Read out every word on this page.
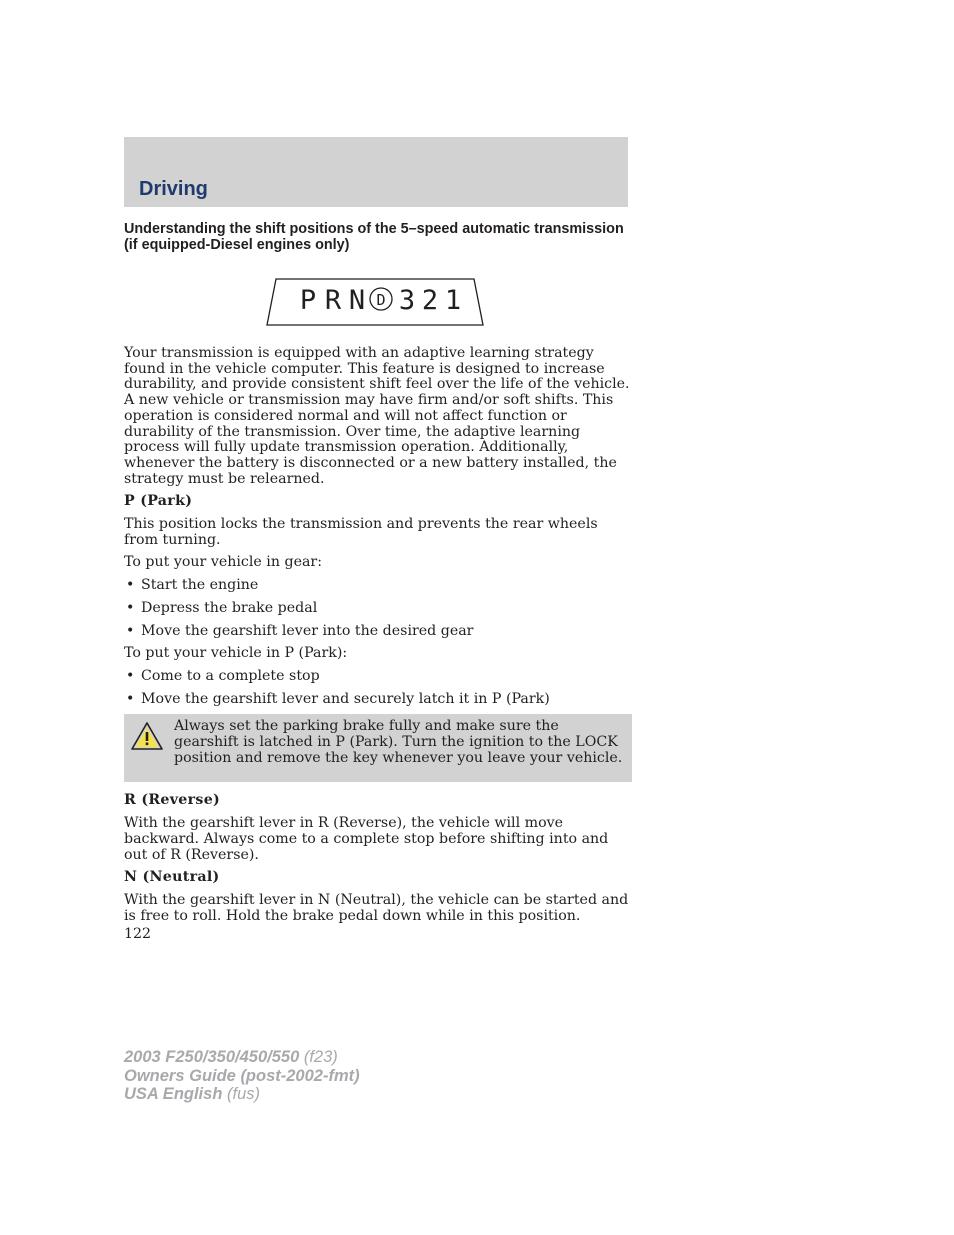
Driving
Understanding the shift positions of the 5–speed automatic transmission (if equipped-Diesel engines only)
P R N D 3 2 1

Your transmission is equipped with an adaptive learning strategy found in the vehicle computer. This feature is designed to increase durability, and provide consistent shift feel over the life of the vehicle. A new vehicle or transmission may have firm and/or soft shifts. This operation is considered normal and will not affect function or durability of the transmission. Over time, the adaptive learning process will fully update transmission operation. Additionally, whenever the battery is disconnected or a new battery installed, the strategy must be relearned.

P (Park)

This position locks the transmission and prevents the rear wheels from turning.

To put your vehicle in gear:

• Start the engine
• Depress the brake pedal
• Move the gearshift lever into the desired gear

To put your vehicle in P (Park):

• Come to a complete stop
• Move the gearshift lever and securely latch it in P (Park)

Always set the parking brake fully and make sure the gearshift is latched in P (Park). Turn the ignition to the LOCK position and remove the key whenever you leave your vehicle.

R (Reverse)

With the gearshift lever in R (Reverse), the vehicle will move backward. Always come to a complete stop before shifting into and out of R (Reverse).

N (Neutral)

With the gearshift lever in N (Neutral), the vehicle can be started and is free to roll. Hold the brake pedal down while in this position.

122
2003 F250/350/450/550 (f23)
Owners Guide (post-2002-fmt)
USA English (fus)
